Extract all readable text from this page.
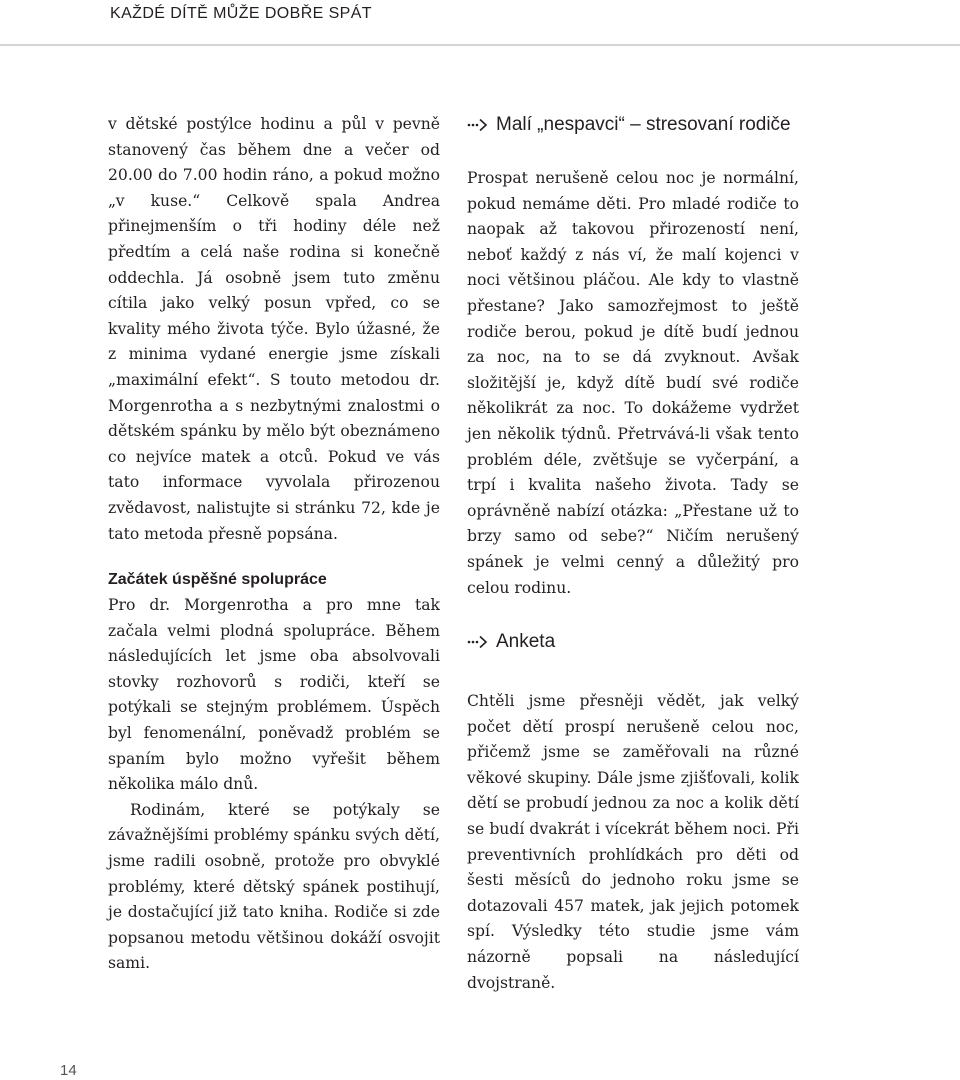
KAŽDÉ DÍTĚ MŮŽE DOBŘE SPÁT

v dětské postýlce hodinu a půl v pevně stanovený čas během dne a večer od 20.00 do 7.00 hodin ráno, a pokud možno „v kuse.“ Celkově spala Andrea přinejmenším o tři hodiny déle než předtím a celá naše rodina si konečně oddechla. Já osobně jsem tuto změnu cítila jako velký posun vpřed, co se kvality mého života týče. Bylo úžasné, že z minima vydané energie jsme získali „maximální efekt“. S touto metodou dr. Morgenrotha a s nezbytnými znalostmi o dětském spánku by mělo být obeznámeno co nejvíce matek a otců. Pokud ve vás tato informace vyvolala přirozenou zvědavost, nalistujte si stránku 72, kde je tato metoda přesně popsána.

Začátek úspěšné spolupráce

Pro dr. Morgenrotha a pro mne tak začala velmi plodná spolupráce. Během následujících let jsme oba absolvovali stovky rozhovorů s rodiči, kteří se potýkali se stejným problémem. Úspěch byl fenomenální, poněvadž problém se spaním bylo možno vyřešit během několika málo dnů.

Rodinám, které se potýkaly se závažnějšími problémy spánku svých dětí, jsme radili osobně, protože pro obvyklé problémy, které dětský spánek postihují, je dostačující již tato kniha. Rodiče si zde popsanou metodu většinou dokáží osvojit sami.

Malí „nespavci“ – stresovaní rodiče

Prospat nerušeně celou noc je normální, pokud nemáme děti. Pro mladé rodiče to naopak až takovou přirozeností není, neboť každý z nás ví, že malí kojenci v noci většinou pláčou. Ale kdy to vlastně přestane? Jako samozřejmost to ještě rodiče berou, pokud je dítě budí jednou za noc, na to se dá zvyknout. Avšak složitější je, když dítě budí své rodiče několikrát za noc. To dokážeme vydržet jen několik týdnů. Přetrvává-li však tento problém déle, zvětšuje se vyčerpání, a trpí i kvalita našeho života. Tady se oprávněně nabízí otázka: „Přestane už to brzy samo od sebe?“ Ničím nerušený spánek je velmi cenný a důležitý pro celou rodinu.

Anketa

Chtěli jsme přesněji vědět, jak velký počet dětí prospí nerušeně celou noc, přičemž jsme se zaměřovali na různé věkové skupiny. Dále jsme zjišťovali, kolik dětí se probudí jednou za noc a kolik dětí se budí dvakrát i vícekrát během noci. Při preventivních prohlídkách pro děti od šesti měsíců do jednoho roku jsme se dotazovali 457 matek, jak jejich potomek spí. Výsledky této studie jsme vám názorně popsali na následující dvojstraně.

14
